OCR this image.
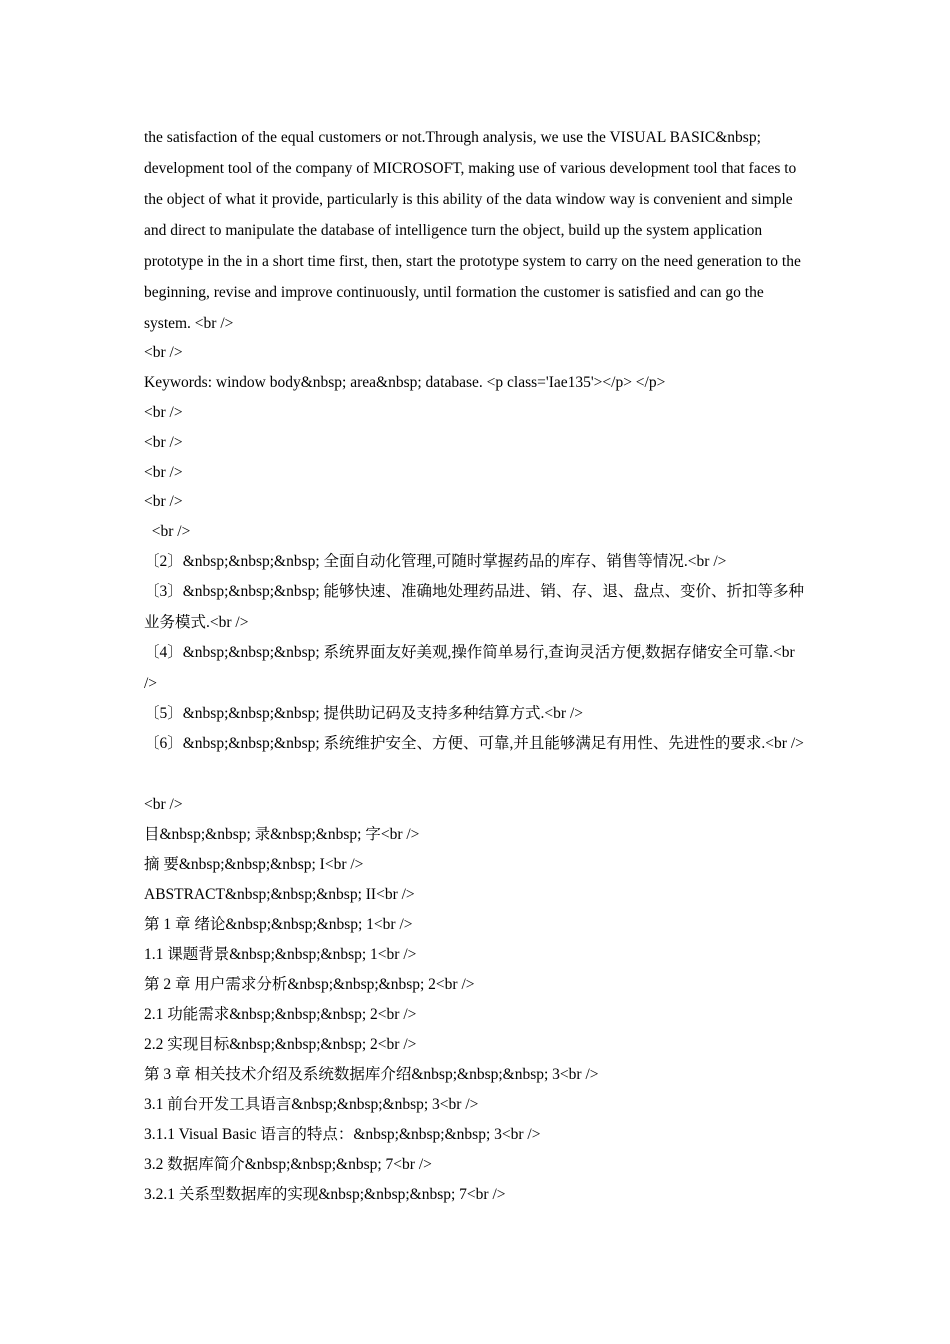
the satisfaction of the equal customers or not.Through analysis, we use the VISUAL BASIC&nbsp; development tool of the company of MICROSOFT, making use of various development tool that faces to the object of what it provide, particularly is this ability of the data window way is convenient and simple and direct to manipulate the database of intelligence turn the object, build up the system application prototype in the in a short time first, then, start the prototype system to carry on the need generation to the beginning, revise and improve continuously, until formation the customer is satisfied and can go the system. <br />

<br />

Keywords: window body&nbsp; area&nbsp; database. <p class='Iae135'></p> </p>

<br />

<br />

<br />

<br />

<br />

〔2〕&nbsp;&nbsp;&nbsp; 全面自动化管理,可随时掌握药品的库存、销售等情况.<br />

〔3〕&nbsp;&nbsp;&nbsp; 能够快速、准确地处理药品进、销、存、退、盘点、变价、折扣等多种业务模式.<br />

〔4〕&nbsp;&nbsp;&nbsp; 系统界面友好美观,操作简单易行,查询灵活方便,数据存储安全可靠.<br />

〔5〕&nbsp;&nbsp;&nbsp; 提供助记码及支持多种结算方式.<br />

〔6〕&nbsp;&nbsp;&nbsp; 系统维护安全、方便、可靠,并且能够满足有用性、先进性的要求.<br />

<br />

目&nbsp;&nbsp; 录&nbsp;&nbsp; 字<br />

摘 要&nbsp;&nbsp;&nbsp; I<br />

ABSTRACT&nbsp;&nbsp;&nbsp; II<br />

第 1 章 绪论&nbsp;&nbsp;&nbsp; 1<br />

1.1 课题背景&nbsp;&nbsp;&nbsp; 1<br />

第 2 章 用户需求分析&nbsp;&nbsp;&nbsp; 2<br />

2.1 功能需求&nbsp;&nbsp;&nbsp; 2<br />

2.2 实现目标&nbsp;&nbsp;&nbsp; 2<br />

第 3 章 相关技术介绍及系统数据库介绍&nbsp;&nbsp;&nbsp; 3<br />

3.1 前台开发工具语言&nbsp;&nbsp;&nbsp; 3<br />

3.1.1 Visual Basic 语言的特点：&nbsp;&nbsp;&nbsp; 3<br />

3.2 数据库简介&nbsp;&nbsp;&nbsp; 7<br />

3.2.1 关系型数据库的实现&nbsp;&nbsp;&nbsp; 7<br />
